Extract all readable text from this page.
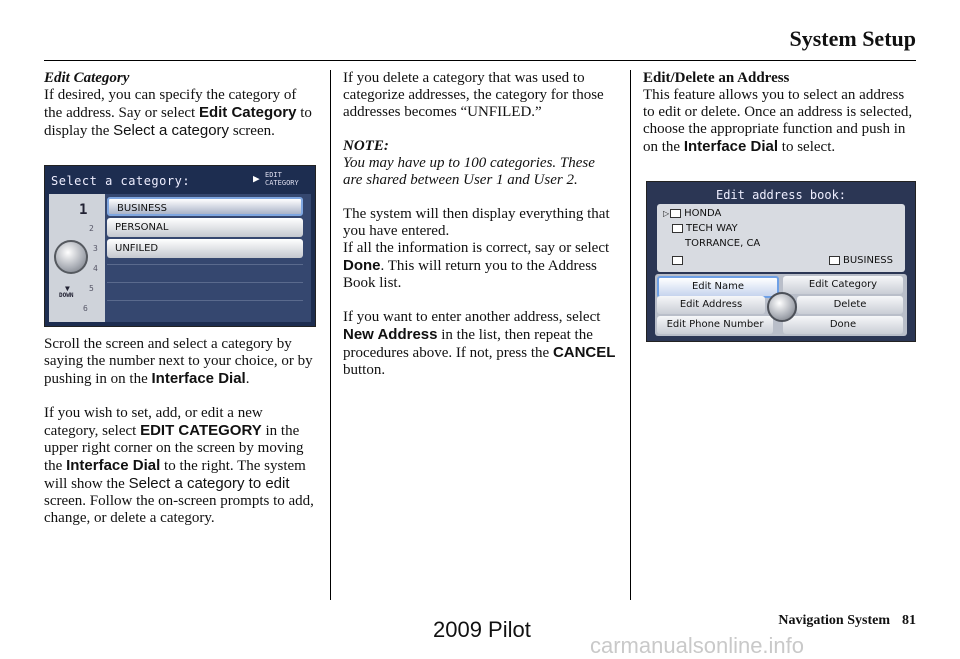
System Setup
Edit Category

If desired, you can specify the category of the address. Say or select Edit Category to display the Select a category screen.

Select a category:	▶ EDIT
CATEGORY
1
2
3
4
5
6
▼
DOWN
BUSINESS
PERSONAL
UNFILED

Scroll the screen and select a category by saying the number next to your choice, or by pushing in on the Interface Dial.

If you wish to set, add, or edit a new category, select EDIT CATEGORY in the upper right corner on the screen by moving the Interface Dial to the right. The system will show the Select a category to edit screen. Follow the on-screen prompts to add, change, or delete a category.

If you delete a category that was used to categorize addresses, the category for those addresses becomes “UNFILED.”

NOTE:

You may have up to 100 categories. These are shared between User 1 and User 2.

The system will then display everything that you have entered.

If all the information is correct, say or select Done. This will return you to the Address Book list.

If you want to enter another address, select New Address in the list, then repeat the procedures above. If not, press the CANCEL button.

Edit/Delete an Address

This feature allows you to select an address to edit or delete. Once an address is selected, choose the appropriate function and push in on the Interface Dial to select.

Edit address book:
▷ HONDA
TECH WAY
TORRANCE, CA
BUSINESS
Edit Name	Edit Category
Edit Address	Delete
Edit Phone Number	Done
Navigation System 81
2009 Pilot
carmanualsonline.info
